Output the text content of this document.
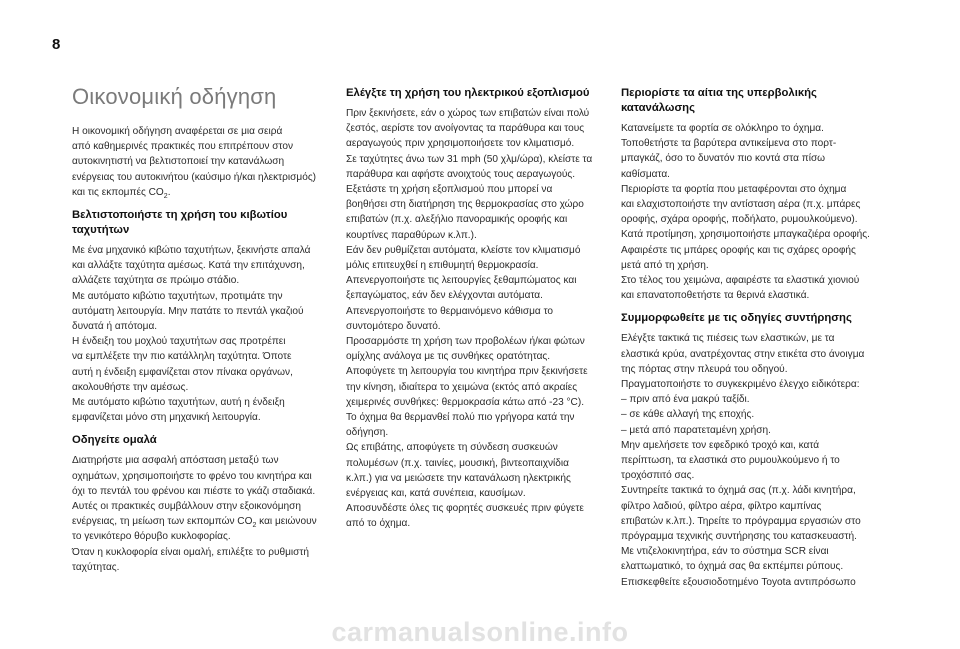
8
Οικονομική οδήγηση

Η οικονομική οδήγηση αναφέρεται σε μια σειρά
από καθημερινές πρακτικές που επιτρέπουν στον
αυτοκινητιστή να βελτιστοποιεί την κατανάλωση
ενέργειας του αυτοκινήτου (καύσιμο ή/και ηλεκτρισμός)
και τις εκπομπές $CO_2$.

Βελτιστοποιήστε τη χρήση του κιβωτίου
ταχυτήτων

Με ένα μηχανικό κιβώτιο ταχυτήτων, ξεκινήστε απαλά
και αλλάξτε ταχύτητα αμέσως. Κατά την επιτάχυνση,
αλλάζετε ταχύτητα σε πρώιμο στάδιο.
Με αυτόματο κιβώτιο ταχυτήτων, προτιμάτε την
αυτόματη λειτουργία. Μην πατάτε το πεντάλ γκαζιού
δυνατά ή απότομα.
Η ένδειξη του μοχλού ταχυτήτων σας προτρέπει
να εμπλέξετε την πιο κατάλληλη ταχύτητα. Όποτε
αυτή η ένδειξη εμφανίζεται στον πίνακα οργάνων,
ακολουθήστε την αμέσως.
Με αυτόματο κιβώτιο ταχυτήτων, αυτή η ένδειξη
εμφανίζεται μόνο στη μηχανική λειτουργία.

Οδηγείτε ομαλά

Διατηρήστε μια ασφαλή απόσταση μεταξύ των
οχημάτων, χρησιμοποιήστε το φρένο του κινητήρα και
όχι το πεντάλ του φρένου και πιέστε το γκάζι σταδιακά.
Αυτές οι πρακτικές συμβάλλουν στην εξοικονόμηση
ενέργειας, τη μείωση των εκπομπών $CO_2$ και μειώνουν
το γενικότερο θόρυβο κυκλοφορίας.
Όταν η κυκλοφορία είναι ομαλή, επιλέξτε το ρυθμιστή
ταχύτητας.

Ελέγξτε τη χρήση του ηλεκτρικού εξοπλισμού

Πριν ξεκινήσετε, εάν ο χώρος των επιβατών είναι πολύ
ζεστός, αερίστε τον ανοίγοντας τα παράθυρα και τους
αεραγωγούς πριν χρησιμοποιήσετε τον κλιματισμό.
Σε ταχύτητες άνω των 31 mph (50 χλμ/ώρα), κλείστε τα
παράθυρα και αφήστε ανοιχτούς τους αεραγωγούς.
Εξετάστε τη χρήση εξοπλισμού που μπορεί να
βοηθήσει στη διατήρηση της θερμοκρασίας στο χώρο
επιβατών (π.χ. αλεξήλιο πανοραμικής οροφής και
κουρτίνες παραθύρων κ.λπ.).
Εάν δεν ρυθμίζεται αυτόματα, κλείστε τον κλιματισμό
μόλις επιτευχθεί η επιθυμητή θερμοκρασία.
Απενεργοποιήστε τις λειτουργίες ξεθαμπώματος και
ξεπαγώματος, εάν δεν ελέγχονται αυτόματα.
Απενεργοποιήστε το θερμαινόμενο κάθισμα το
συντομότερο δυνατό.
Προσαρμόστε τη χρήση των προβολέων ή/και φώτων
ομίχλης ανάλογα με τις συνθήκες ορατότητας.
Αποφύγετε τη λειτουργία του κινητήρα πριν ξεκινήσετε
την κίνηση, ιδιαίτερα το χειμώνα (εκτός από ακραίες
χειμερινές συνθήκες: θερμοκρασία κάτω από -23 °C).
Το όχημα θα θερμανθεί πολύ πιο γρήγορα κατά την
οδήγηση.
Ως επιβάτης, αποφύγετε τη σύνδεση συσκευών
πολυμέσων (π.χ. ταινίες, μουσική, βιντεοπαιχνίδια
κ.λπ.) για να μειώσετε την κατανάλωση ηλεκτρικής
ενέργειας και, κατά συνέπεια, καυσίμων.
Αποσυνδέστε όλες τις φορητές συσκευές πριν φύγετε
από το όχημα.

Περιορίστε τα αίτια της υπερβολικής
κατανάλωσης

Κατανείμετε τα φορτία σε ολόκληρο το όχημα.
Τοποθετήστε τα βαρύτερα αντικείμενα στο πορτ-
μπαγκάζ, όσο το δυνατόν πιο κοντά στα πίσω
καθίσματα.
Περιορίστε τα φορτία που μεταφέρονται στο όχημα
και ελαχιστοποιήστε την αντίσταση αέρα (π.χ. μπάρες
οροφής, σχάρα οροφής, ποδήλατο, ρυμουλκούμενο).
Κατά προτίμηση, χρησιμοποιήστε μπαγκαζιέρα οροφής.
Αφαιρέστε τις μπάρες οροφής και τις σχάρες οροφής
μετά από τη χρήση.
Στο τέλος του χειμώνα, αφαιρέστε τα ελαστικά χιονιού
και επανατοποθετήστε τα θερινά ελαστικά.

Συμμορφωθείτε με τις οδηγίες συντήρησης

Ελέγξτε τακτικά τις πιέσεις των ελαστικών, με τα
ελαστικά κρύα, ανατρέχοντας στην ετικέτα στο άνοιγμα
της πόρτας στην πλευρά του οδηγού.
Πραγματοποιήστε το συγκεκριμένο έλεγχο ειδικότερα:
– πριν από ένα μακρύ ταξίδι.
– σε κάθε αλλαγή της εποχής.
– μετά από παρατεταμένη χρήση.
Μην αμελήσετε τον εφεδρικό τροχό και, κατά
περίπτωση, τα ελαστικά στο ρυμουλκούμενο ή το
τροχόσπιτό σας.
Συντηρείτε τακτικά το όχημά σας (π.χ. λάδι κινητήρα,
φίλτρο λαδιού, φίλτρο αέρα, φίλτρο καμπίνας
επιβατών κ.λπ.). Τηρείτε το πρόγραμμα εργασιών στο
πρόγραμμα τεχνικής συντήρησης του κατασκευαστή.
Με ντιζελοκινητήρα, εάν το σύστημα SCR είναι
ελαττωματικό, το όχημά σας θα εκπέμπει ρύπους.
Επισκεφθείτε εξουσιοδοτημένο Toyota αντιπρόσωπο

carmanualsonline.info
